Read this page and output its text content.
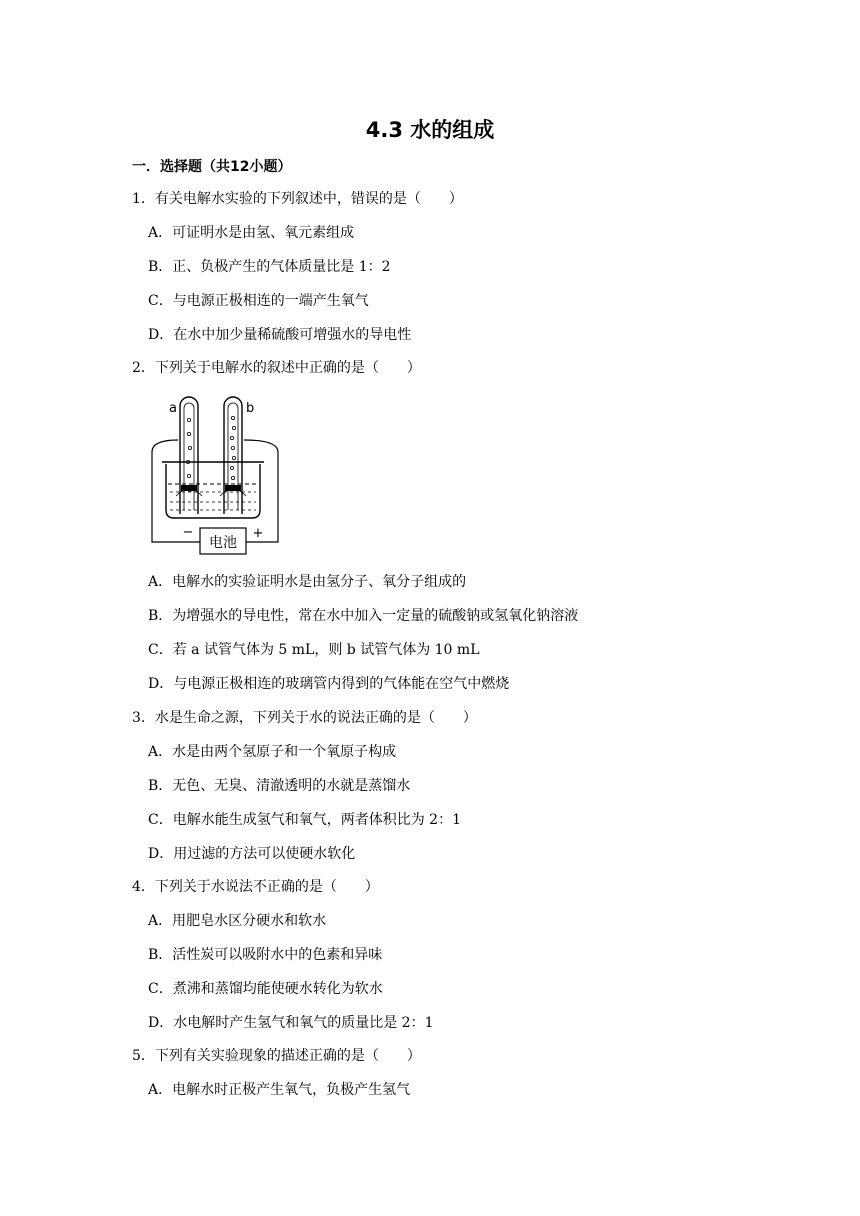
4.3 水的组成
一．选择题（共12小题）
1．有关电解水实验的下列叙述中，错误的是（　　）
A．可证明水是由氢、氧元素组成
B．正、负极产生的气体质量比是 1：2
C．与电源正极相连的一端产生氧气
D．在水中加少量稀硫酸可增强水的导电性
2．下列关于电解水的叙述中正确的是（　　）
电池
−	+
a	b
A．电解水的实验证明水是由氢分子、氧分子组成的
B．为增强水的导电性，常在水中加入一定量的硫酸钠或氢氧化钠溶液
C．若 a 试管气体为 5 mL，则 b 试管气体为 10 mL
D．与电源正极相连的玻璃管内得到的气体能在空气中燃烧
3．水是生命之源，下列关于水的说法正确的是（　　）
A．水是由两个氢原子和一个氧原子构成
B．无色、无臭、清澈透明的水就是蒸馏水
C．电解水能生成氢气和氧气，两者体积比为 2：1
D．用过滤的方法可以使硬水软化
4．下列关于水说法不正确的是（　　）
A．用肥皂水区分硬水和软水
B．活性炭可以吸附水中的色素和异味
C．煮沸和蒸馏均能使硬水转化为软水
D．水电解时产生氢气和氧气的质量比是 2：1
5．下列有关实验现象的描述正确的是（　　）
A．电解水时正极产生氧气，负极产生氢气
